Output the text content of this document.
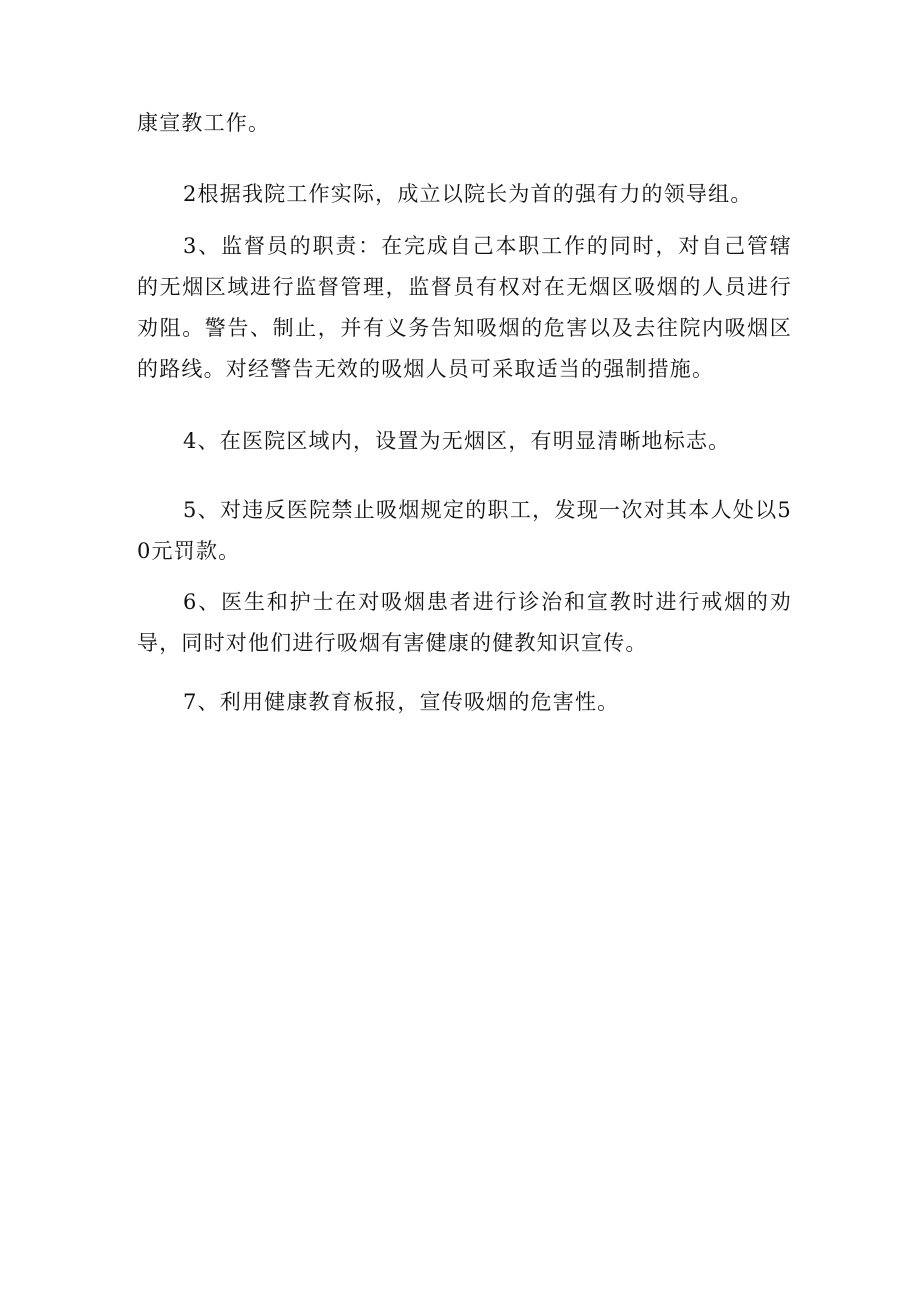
康宣教工作。

2根据我院工作实际，成立以院长为首的强有力的领导组。

3、监督员的职责：在完成自己本职工作的同时，对自己管辖的无烟区域进行监督管理，监督员有权对在无烟区吸烟的人员进行劝阻。警告、制止，并有义务告知吸烟的危害以及去往院内吸烟区的路线。对经警告无效的吸烟人员可采取适当的强制措施。

4、在医院区域内，设置为无烟区，有明显清晰地标志。

5、对违反医院禁止吸烟规定的职工，发现一次对其本人处以50元罚款。

6、医生和护士在对吸烟患者进行诊治和宣教时进行戒烟的劝导，同时对他们进行吸烟有害健康的健教知识宣传。

7、利用健康教育板报，宣传吸烟的危害性。
